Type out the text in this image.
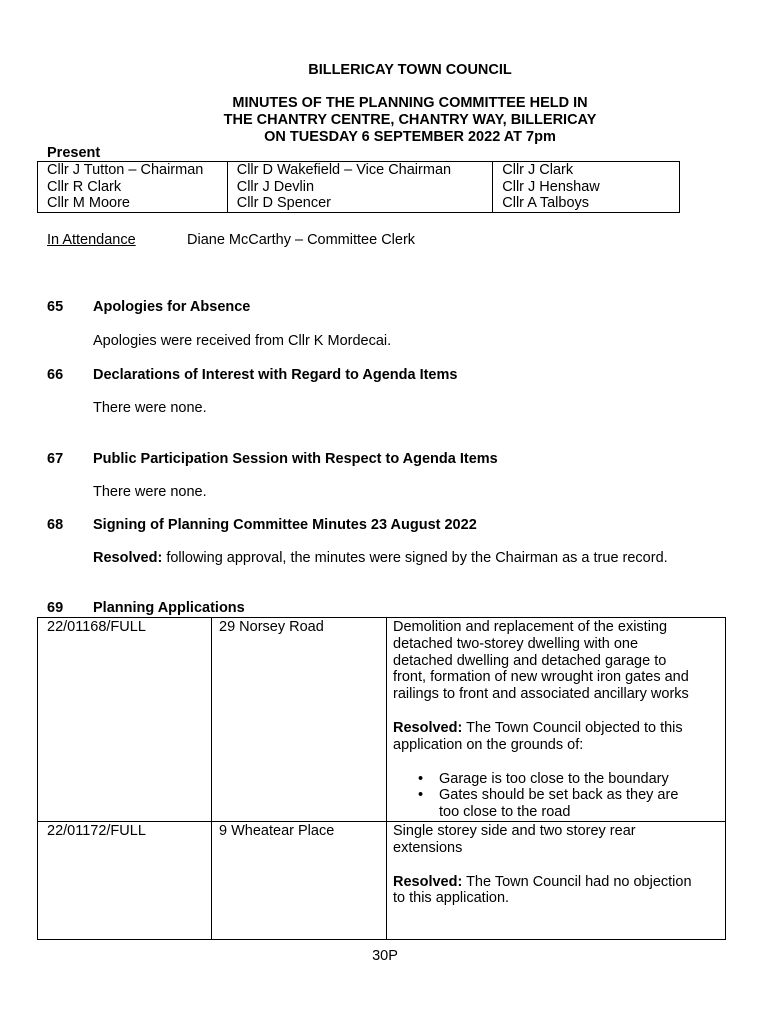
BILLERICAY TOWN COUNCIL
MINUTES OF THE PLANNING COMMITTEE HELD IN
THE CHANTRY CENTRE, CHANTRY WAY, BILLERICAY
ON TUESDAY 6 SEPTEMBER 2022 AT 7pm
Present
Cllr J Tutton – Chairman	Cllr D Wakefield – Vice Chairman	Cllr J Clark
Cllr R Clark	Cllr J Devlin	Cllr J Henshaw
Cllr M Moore	Cllr D Spencer	Cllr A Talboys
In Attendance	Diane McCarthy – Committee Clerk
65 Apologies for Absence
Apologies were received from Cllr K Mordecai.
66 Declarations of Interest with Regard to Agenda Items
There were none.
67 Public Participation Session with Respect to Agenda Items
There were none.
68 Signing of Planning Committee Minutes 23 August 2022
Resolved: following approval, the minutes were signed by the Chairman as a true record.
69 Planning Applications
22/01168/FULL	29 Norsey Road	Demolition and replacement of the existing
detached two-storey dwelling with one
detached dwelling and detached garage to
front, formation of new wrought iron gates and
railings to front and associated ancillary works
Resolved: The Town Council objected to this
application on the grounds of:
• Garage is too close to the boundary
• Gates should be set back as they are too close to the road
22/01172/FULL	9 Wheatear Place	Single storey side and two storey rear
extensions
Resolved: The Town Council had no objection
to this application.
30P
